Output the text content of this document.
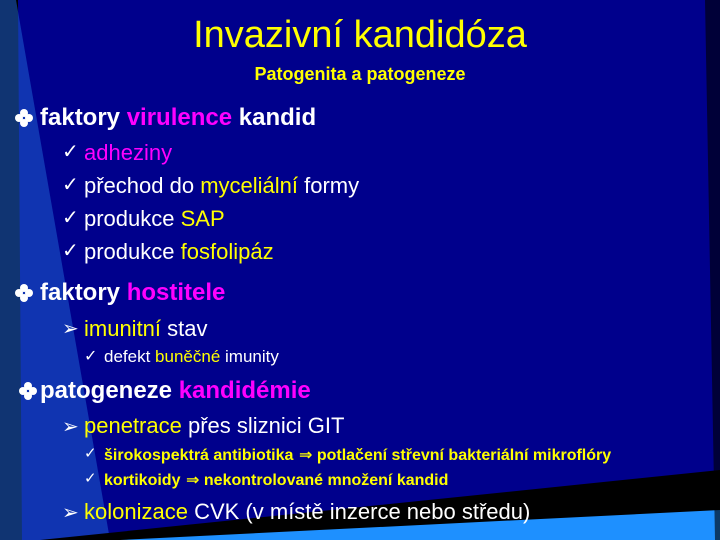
Invazivní kandidóza
Patogenita a patogeneze
faktory virulence kandid
✓ adheziny
✓ přechod do myceliální formy
✓ produkce SAP
✓ produkce fosfolipáz
faktory hostitele
➢ imunitní stav
✓ defekt buněčné imunity
patogeneze kandidémie
➢ penetrace přes sliznici GIT
✓ širokospektrá antibiotika ⇒ potlačení střevní bakteriální mikroflóry
✓ kortikoidy ⇒ nekontrolované množení kandid
➢ kolonizace CVK (v místě inzerce nebo středu)
